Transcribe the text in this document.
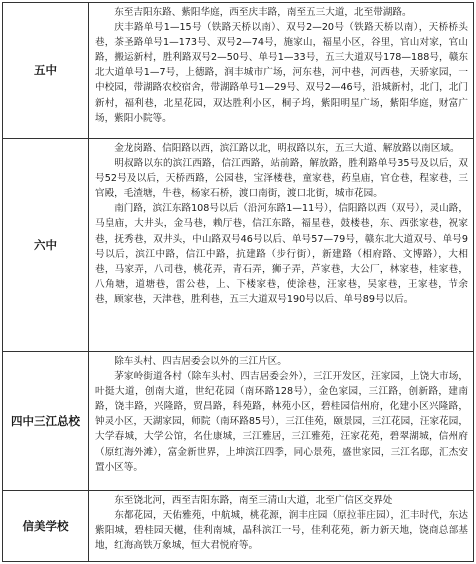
五中

东至吉阳东路、紫阳华庭，西至庆丰路，南至五三大道，北至带湖路。

庆丰路单号1—15号（铁路天桥以南）、双号2—20号（铁路天桥以南），天桥桥头巷，茶圣路单号1—173号、双号2—74号，施家山，福星小区，谷里，官山对家，官山路，搬运新村，胜利路双号2—50号、单号1—33号，五三大道双号178—188号，赣东北大道单号1—7号，上德路，润丰城市广场，河东巷，河中巷，河西巷，天骄家园，一中校园，带湖路农校宿舍，带湖路单号1—29号、双号2—46号，沿城新村，北门，北门新村，福利巷，北星花园，双达胜利小区，桐子坞，紫阳明星广场，紫阳华庭，财富广场，紫阳小院等。

六中

金龙岗路、信阳路以西，滨江路以北，明叔路以东，五三大道、解放路以南区域。

明叔路以东的滨江西路，信江西路，站前路，解放路，胜利路单号35号及以后，双号52号及以后，天桥西路，公园巷，宝泽楼巷，童家巷，药皇庙，官仓巷，程家巷，三官殿，毛渣塘，牛巷，杨家石桥，渡口南街，渡口北街，城市花园。

南门路，滨江东路108号以后（沿河东路1—11号），信阳路以西（双号），灵山路，马皇庙，大井头，金马巷，赖厅巷，信江东路，福星巷，鼓楼巷，东、西张家巷，祝家巷，抚秀巷，双井头，中山路双号46号以后、单号57—79号，赣东北大道双号、单号9号以后，滨江中路，信江中路，抗建路（步行街），新建路（相府路、文博路），大相巷，马家弄，八司巷，桃花弄，青石弄，狮子弄，芦家巷，大公厂，林家巷，桂家巷，八角塘，道塘巷，雷公巷，上、下楼家巷，使涂巷，汪家巷，吴家巷，王家巷，节余巷，顾家巷，天津巷，胜利巷，五三大道双号190号以后、单号89号以后。

四中三江总校

除车头村、四吉居委会以外的三江片区。

茅家岭街道各村（除车头村、四吉居委会外），三江开发区，汪家园，上饶大市场，叶挺大道，创南大道，世纪花园（南环路128号），金色家园，三江路，创新路，建南路，饶丰路，兴隆路，贸昌路，科苑路，林苑小区，碧桂园信州府，化建小区兴隆路，钟灵小区，天湖家园，师院（南环路85号），三江佳苑，颐景园，三江花园，汪家花园，大学春城，大学公馆，名仕康城，三江雅居，三江雅苑，汪家花苑，碧翠湖城，信州府（原红海外滩），富金新世界，上坤滨江四季，同心景苑，盛世家园，三江名邸，汇杰安置小区等。

信美学校

东至饶北河，西至吉阳东路，南至三清山大道，北至广信区交界处

东都花园，天佑雅苑，中航城，桃花源，润丰庄园（原拉菲庄园），汇丰时代，东达紫阳城，碧桂园天樾，佳利南城，晶科滨江一号，佳利花苑，新力新天地，饶商总部基地，红海高铁万象城，恒大君悦府等。
